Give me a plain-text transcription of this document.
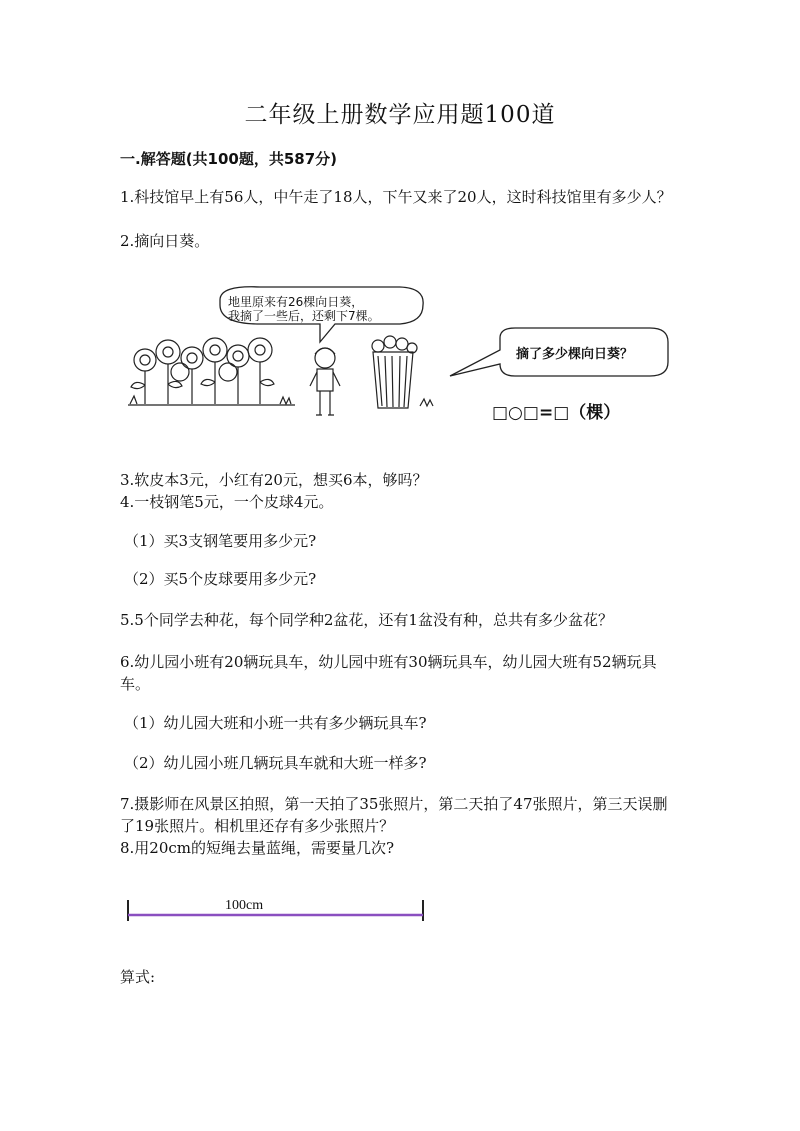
二年级上册数学应用题100道
一.解答题(共100题，共587分)
1.科技馆早上有56人，中午走了18人，下午又来了20人，这时科技馆里有多少人？
2.摘向日葵。
地里原来有26棵向日葵，
我摘了一些后，还剩下7棵。
摘了多少棵向日葵？
□○□=□（棵）
3.软皮本3元，小红有20元，想买6本，够吗？
4.一枝钢笔5元，一个皮球4元。
（1）买3支钢笔要用多少元?
（2）买5个皮球要用多少元?
5.5个同学去种花，每个同学种2盆花，还有1盆没有种，总共有多少盆花？
6.幼儿园小班有20辆玩具车，幼儿园中班有30辆玩具车，幼儿园大班有52辆玩具车。
（1）幼儿园大班和小班一共有多少辆玩具车?
（2）幼儿园小班几辆玩具车就和大班一样多?
7.摄影师在风景区拍照，第一天拍了35张照片，第二天拍了47张照片，第三天误删了19张照片。相机里还存有多少张照片？
8.用20cm的短绳去量蓝绳，需要量几次?
100cm
算式:
